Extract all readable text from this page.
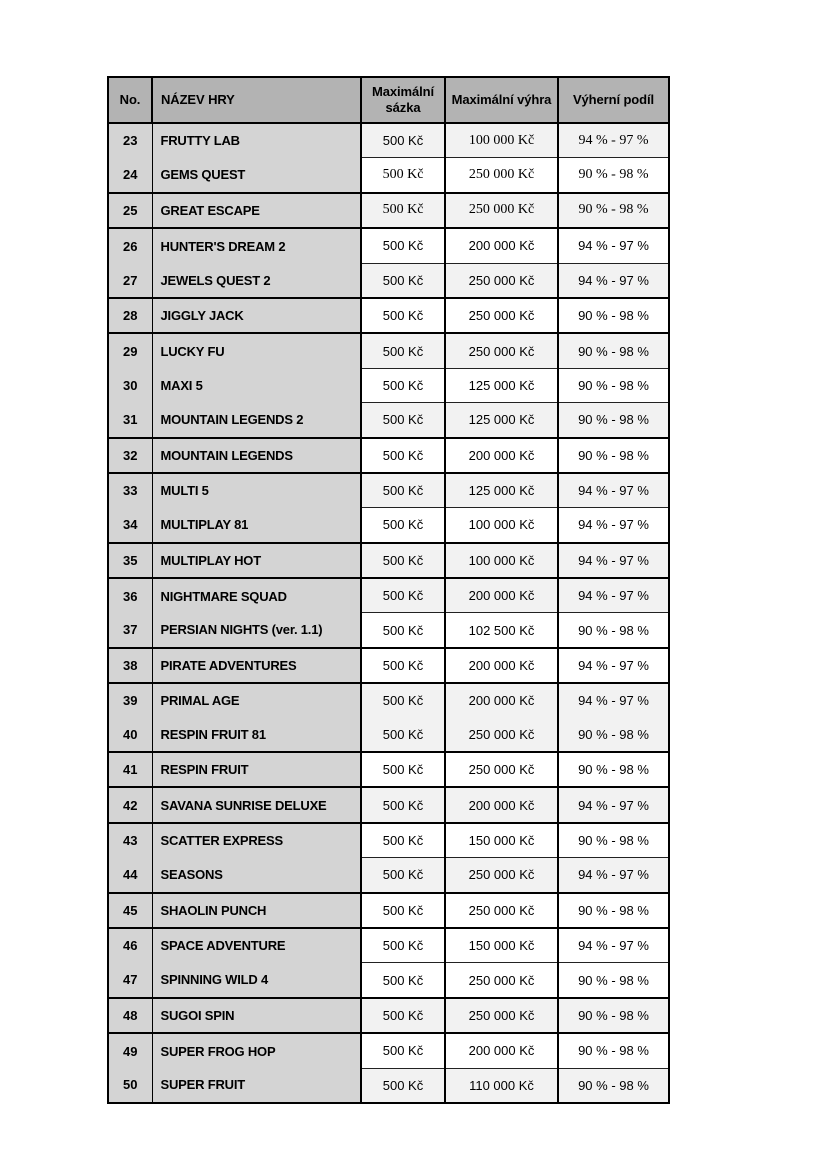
No.	NÁZEV HRY	Maximální sázka	Maximální výhra	Výherní podíl
23	FRUTTY LAB	500 Kč	100 000 Kč	94 % - 97 %
24	GEMS QUEST	500 Kč	250 000 Kč	90 % - 98 %
25	GREAT ESCAPE	500 Kč	250 000 Kč	90 % - 98 %
26	HUNTER'S DREAM 2	500 Kč	200 000 Kč	94 % - 97 %
27	JEWELS QUEST 2	500 Kč	250 000 Kč	94 % - 97 %
28	JIGGLY JACK	500 Kč	250 000 Kč	90 % - 98 %
29	LUCKY FU	500 Kč	250 000 Kč	90 % - 98 %
30	MAXI 5	500 Kč	125 000 Kč	90 % - 98 %
31	MOUNTAIN LEGENDS 2	500 Kč	125 000 Kč	90 % - 98 %
32	MOUNTAIN LEGENDS	500 Kč	200 000 Kč	90 % - 98 %
33	MULTI 5	500 Kč	125 000 Kč	94 % - 97 %
34	MULTIPLAY 81	500 Kč	100 000 Kč	94 % - 97 %
35	MULTIPLAY HOT	500 Kč	100 000 Kč	94 % - 97 %
36	NIGHTMARE SQUAD	500 Kč	200 000 Kč	94 % - 97 %
37	PERSIAN NIGHTS (ver. 1.1)	500 Kč	102 500 Kč	90 % - 98 %
38	PIRATE ADVENTURES	500 Kč	200 000 Kč	94 % - 97 %
39	PRIMAL AGE	500 Kč	200 000 Kč	94 % - 97 %
40	RESPIN FRUIT 81	500 Kč	250 000 Kč	90 % - 98 %
41	RESPIN FRUIT	500 Kč	250 000 Kč	90 % - 98 %
42	SAVANA SUNRISE DELUXE	500 Kč	200 000 Kč	94 % - 97 %
43	SCATTER EXPRESS	500 Kč	150 000 Kč	90 % - 98 %
44	SEASONS	500 Kč	250 000 Kč	94 % - 97 %
45	SHAOLIN PUNCH	500 Kč	250 000 Kč	90 % - 98 %
46	SPACE ADVENTURE	500 Kč	150 000 Kč	94 % - 97 %
47	SPINNING WILD 4	500 Kč	250 000 Kč	90 % - 98 %
48	SUGOI SPIN	500 Kč	250 000 Kč	90 % - 98 %
49	SUPER FROG HOP	500 Kč	200 000 Kč	90 % - 98 %
50	SUPER FRUIT	500 Kč	110 000 Kč	90 % - 98 %
